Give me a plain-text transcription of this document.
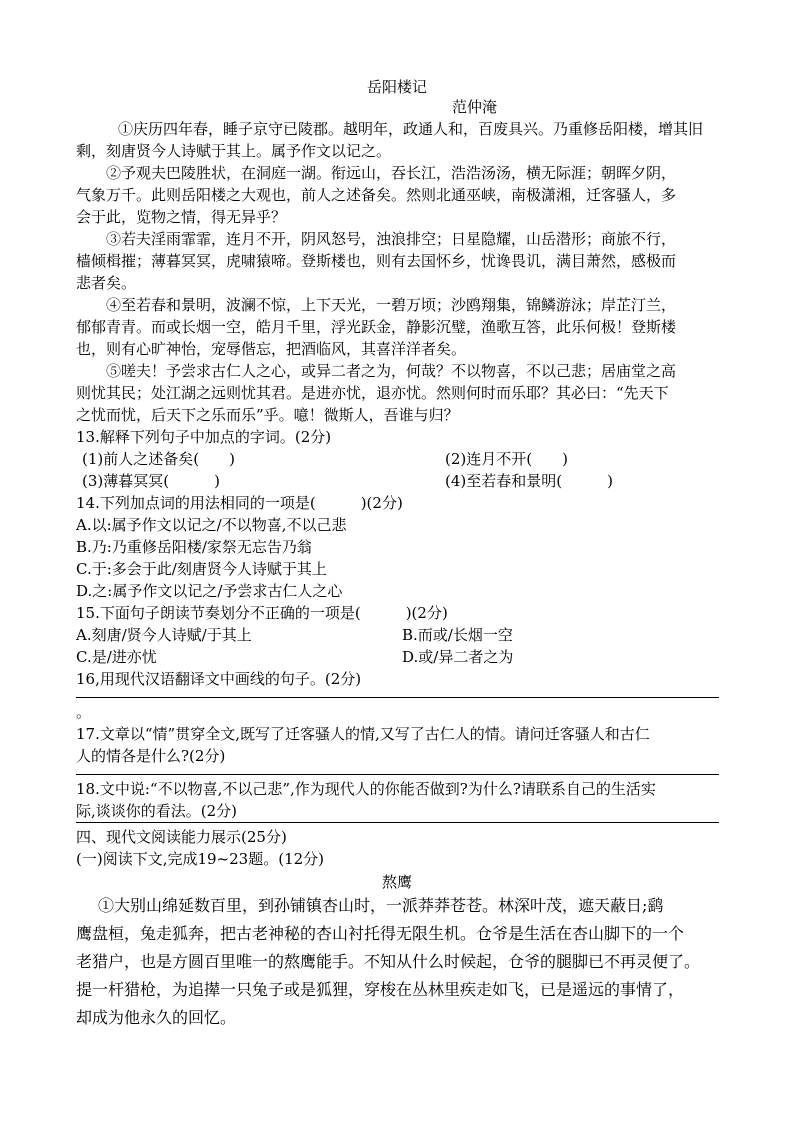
岳阳楼记
范仲淹
①庆历四年春，睡子京守已陵郡。越明年，政通人和，百废具兴。乃重修岳阳楼，增其旧
剩，刻唐贤今人诗赋于其上。属予作文以记之。
②予观夫巴陵胜状，在洞庭一湖。衔远山，吞长江，浩浩汤汤，横无际涯；朝晖夕阴，
气象万千。此则岳阳楼之大观也，前人之述备矣。然则北通巫峡，南极潇湘，迁客骚人，多
会于此，览物之情，得无异乎？
③若夫淫雨霏霏，连月不开，阴风怒号，浊浪排空；日星隐耀，山岳潜形；商旅不行，
樯倾楫摧；薄暮冥冥，虎啸猿啼。登斯楼也，则有去国怀乡，忧谗畏讥，满目萧然，感极而
悲者矣。
④至若春和景明，波澜不惊，上下天光，一碧万顷；沙鸥翔集，锦鳞游泳；岸芷汀兰，
郁郁青青。而或长烟一空，皓月千里，浮光跃金，静影沉璧，渔歌互答，此乐何极！登斯楼
也，则有心旷神怡，宠辱偕忘，把酒临风，其喜洋洋者矣。
⑤嗟夫！予尝求古仁人之心，或异二者之为，何哉？不以物喜，不以己悲；居庙堂之高
则忧其民；处江湖之远则忧其君。是进亦忧，退亦忧。然则何时而乐耶？其必曰：“先天下
之忧而忧，后天下之乐而乐”乎。噫！微斯人，吾谁与归？
13.解释下列句子中加点的字词。(2分)
(1)前人之述备矣(　　)	(2)连月不开(　　)
(3)薄暮冥冥(　　　)	(4)至若春和景明(　　　)
14.下列加点词的用法相同的一项是(　　　)(2分)
A.以:属予作文以记之/不以物喜,不以己悲
B.乃:乃重修岳阳楼/家祭无忘告乃翁
C.于:多会于此/刻唐贤今人诗赋于其上
D.之:属予作文以记之/予尝求古仁人之心
15.下面句子朗读节奏划分不正确的一项是(　　　)(2分)
A.刻唐/贤今人诗赋/于其上	B.而或/长烟一空
C.是/进亦忧	D.或/异二者之为
16,用现代汉语翻译文中画线的句子。(2分)
。
17.文章以“情”贯穿全文,既写了迁客骚人的情,又写了古仁人的情。请问迁客骚人和古仁
人的情各是什么?(2分)
18.文中说:“不以物喜,不以己悲”,作为现代人的你能否做到?为什么?请联系自己的生活实
际,谈谈你的看法。(2分)
四、现代文阅读能力展示(25分)
(一)阅读下文,完成19~23题。(12分)
熬鹰
①大别山绵延数百里，到孙铺镇杏山时，一派莽莽苍苍。林深叶茂，遮天蔽日;鹞
鹰盘桓，兔走狐奔，把古老神秘的杏山衬托得无限生机。仓爷是生活在杏山脚下的一个
老猎户，也是方圆百里唯一的熬鹰能手。不知从什么时候起，仓爷的腿脚已不再灵便了。
提一杆猎枪，为追撵一只兔子或是狐狸，穿梭在丛林里疾走如飞，已是遥远的事情了，
却成为他永久的回忆。
